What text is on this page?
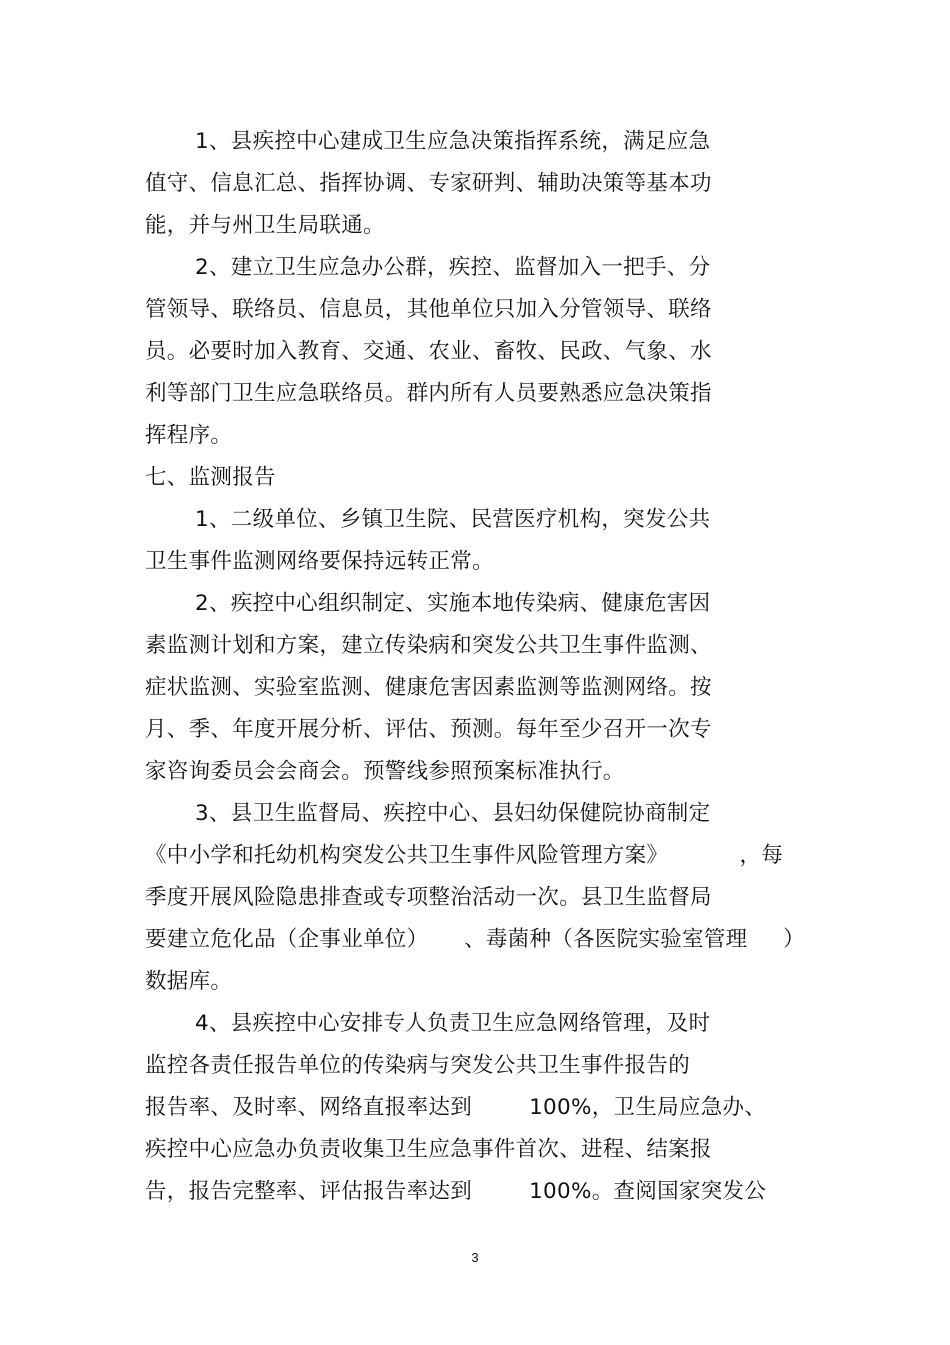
1、县疾控中心建成卫生应急决策指挥系统，满足应急
值守、信息汇总、指挥协调、专家研判、辅助决策等基本功
能，并与州卫生局联通。
2、建立卫生应急办公群，疾控、监督加入一把手、分
管领导、联络员、信息员，其他单位只加入分管领导、联络
员。必要时加入教育、交通、农业、畜牧、民政、气象、水
利等部门卫生应急联络员。群内所有人员要熟悉应急决策指
挥程序。
七、监测报告
1、二级单位、乡镇卫生院、民营医疗机构，突发公共
卫生事件监测网络要保持远转正常。
2、疾控中心组织制定、实施本地传染病、健康危害因
素监测计划和方案，建立传染病和突发公共卫生事件监测、
症状监测、实验室监测、健康危害因素监测等监测网络。按
月、季、年度开展分析、评估、预测。每年至少召开一次专
家咨询委员会会商会。预警线参照预案标准执行。
3、县卫生监督局、疾控中心、县妇幼保健院协商制定
《中小学和托幼机构突发公共卫生事件风险管理方案》          ，每
季度开展风险隐患排查或专项整治活动一次。县卫生监督局
要建立危化品（企事业单位）     、毒菌种（各医院实验室管理     ）
数据库。
4、县疾控中心安排专人负责卫生应急网络管理，及时
监控各责任报告单位的传染病与突发公共卫生事件报告的
报告率、及时率、网络直报率达到        100%，卫生局应急办、
疾控中心应急办负责收集卫生应急事件首次、进程、结案报
告，报告完整率、评估报告率达到        100%。查阅国家突发公
3
